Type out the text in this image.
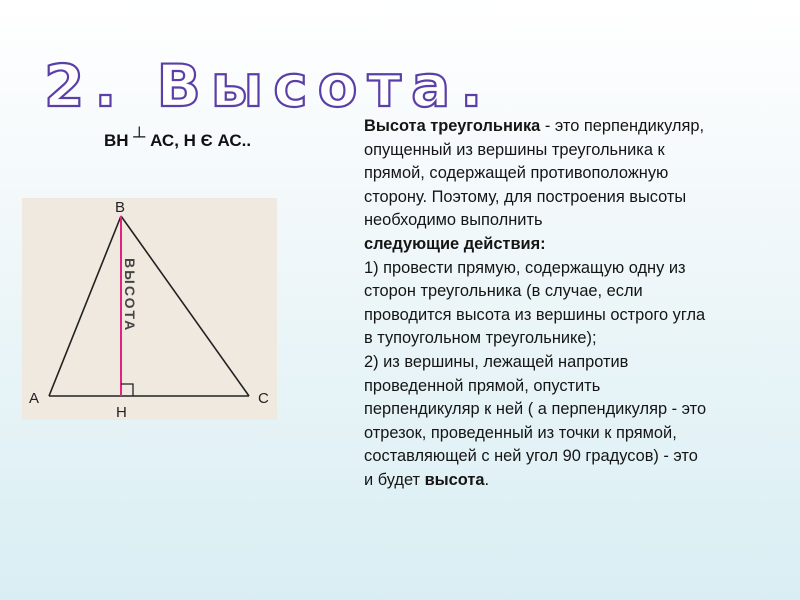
2. Высота.
ВН ┴ АС, Н Є АС..
В
А	С
Н
ВЫСОТА

Высота треугольника - это перпендикуляр, опущенный из вершины треугольника к прямой, содержащей противоположную сторону. Поэтому, для построения высоты необходимо выполнить

следующие действия:

1) провести прямую, содержащую одну из сторон треугольника (в случае, если проводится высота из вершины острого угла в тупоугольном треугольнике);

2) из вершины, лежащей напротив проведенной прямой, опустить перпендикуляр к ней ( а перпендикуляр - это отрезок, проведенный из точки к прямой, составляющей с ней угол 90 градусов) - это и будет высота.
